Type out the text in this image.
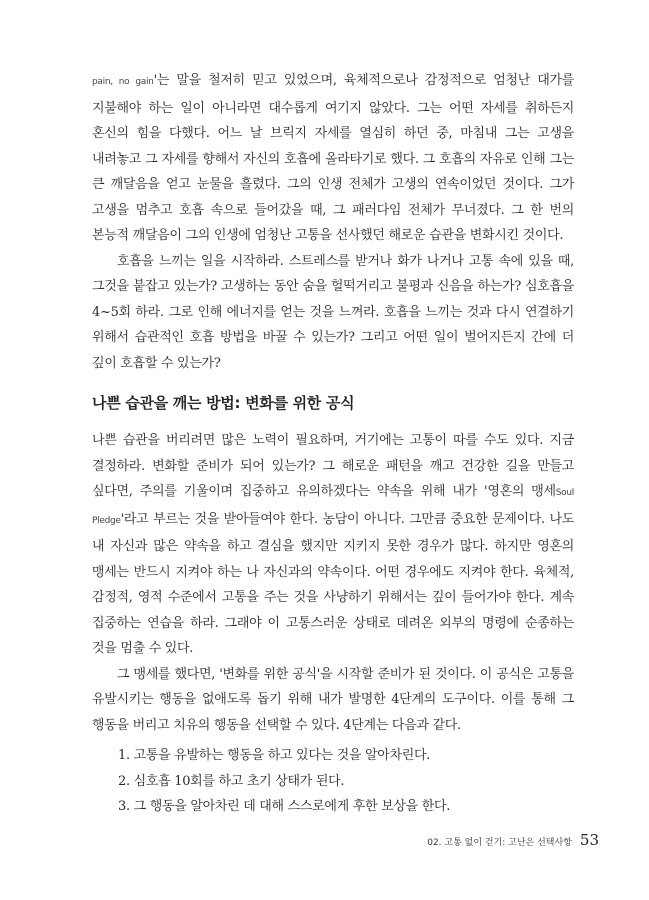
pain, no gain'는 말을 철저히 믿고 있었으며, 육체적으로나 감정적으로 엄청난 대가를 지불해야 하는 일이 아니라면 대수롭게 여기지 않았다. 그는 어떤 자세를 취하든지 혼신의 힘을 다했다. 어느 날 브릭지 자세를 열심히 하던 중, 마침내 그는 고생을 내려놓고 그 자세를 향해서 자신의 호흡에 올라타기로 했다. 그 호흡의 자유로 인해 그는 큰 깨달음을 얻고 눈물을 흘렸다. 그의 인생 전체가 고생의 연속이었던 것이다. 그가 고생을 멈추고 호흡 속으로 들어갔을 때, 그 패러다임 전체가 무너졌다. 그 한 번의 본능적 깨달음이 그의 인생에 엄청난 고통을 선사했던 해로운 습관을 변화시킨 것이다.

호흡을 느끼는 일을 시작하라. 스트레스를 받거나 화가 나거나 고통 속에 있을 때, 그것을 붙잡고 있는가? 고생하는 동안 숨을 헐떡거리고 불평과 신음을 하는가? 심호흡을 4~5회 하라. 그로 인해 에너지를 얻는 것을 느껴라. 호흡을 느끼는 것과 다시 연결하기 위해서 습관적인 호흡 방법을 바꿀 수 있는가? 그리고 어떤 일이 벌어지든지 간에 더 깊이 호흡할 수 있는가?

나쁜 습관을 깨는 방법: 변화를 위한 공식

나쁜 습관을 버리려면 많은 노력이 필요하며, 거기에는 고통이 따를 수도 있다. 지금 결정하라. 변화할 준비가 되어 있는가? 그 해로운 패턴을 깨고 건강한 길을 만들고 싶다면, 주의를 기울이며 집중하고 유의하겠다는 약속을 위해 내가 '영혼의 맹세Soul Pledge'라고 부르는 것을 받아들여야 한다. 농담이 아니다. 그만큼 중요한 문제이다. 나도 내 자신과 많은 약속을 하고 결심을 했지만 지키지 못한 경우가 많다. 하지만 영혼의 맹세는 반드시 지켜야 하는 나 자신과의 약속이다. 어떤 경우에도 지켜야 한다. 육체적, 감정적, 영적 수준에서 고통을 주는 것을 사냥하기 위해서는 깊이 들어가야 한다. 계속 집중하는 연습을 하라. 그래야 이 고통스러운 상태로 데려온 외부의 명령에 순종하는 것을 멈출 수 있다.

그 맹세를 했다면, '변화를 위한 공식'을 시작할 준비가 된 것이다. 이 공식은 고통을 유발시키는 행동을 없애도록 돕기 위해 내가 발명한 4단계의 도구이다. 이를 통해 그 행동을 버리고 치유의 행동을 선택할 수 있다. 4단계는 다음과 같다.

1. 고통을 유발하는 행동을 하고 있다는 것을 알아차린다.
2. 심호흡 10회를 하고 초기 상태가 된다.
3. 그 행동을 알아차린 데 대해 스스로에게 후한 보상을 한다.
02. 고통 없이 걷기: 고난은 선택사항 53
